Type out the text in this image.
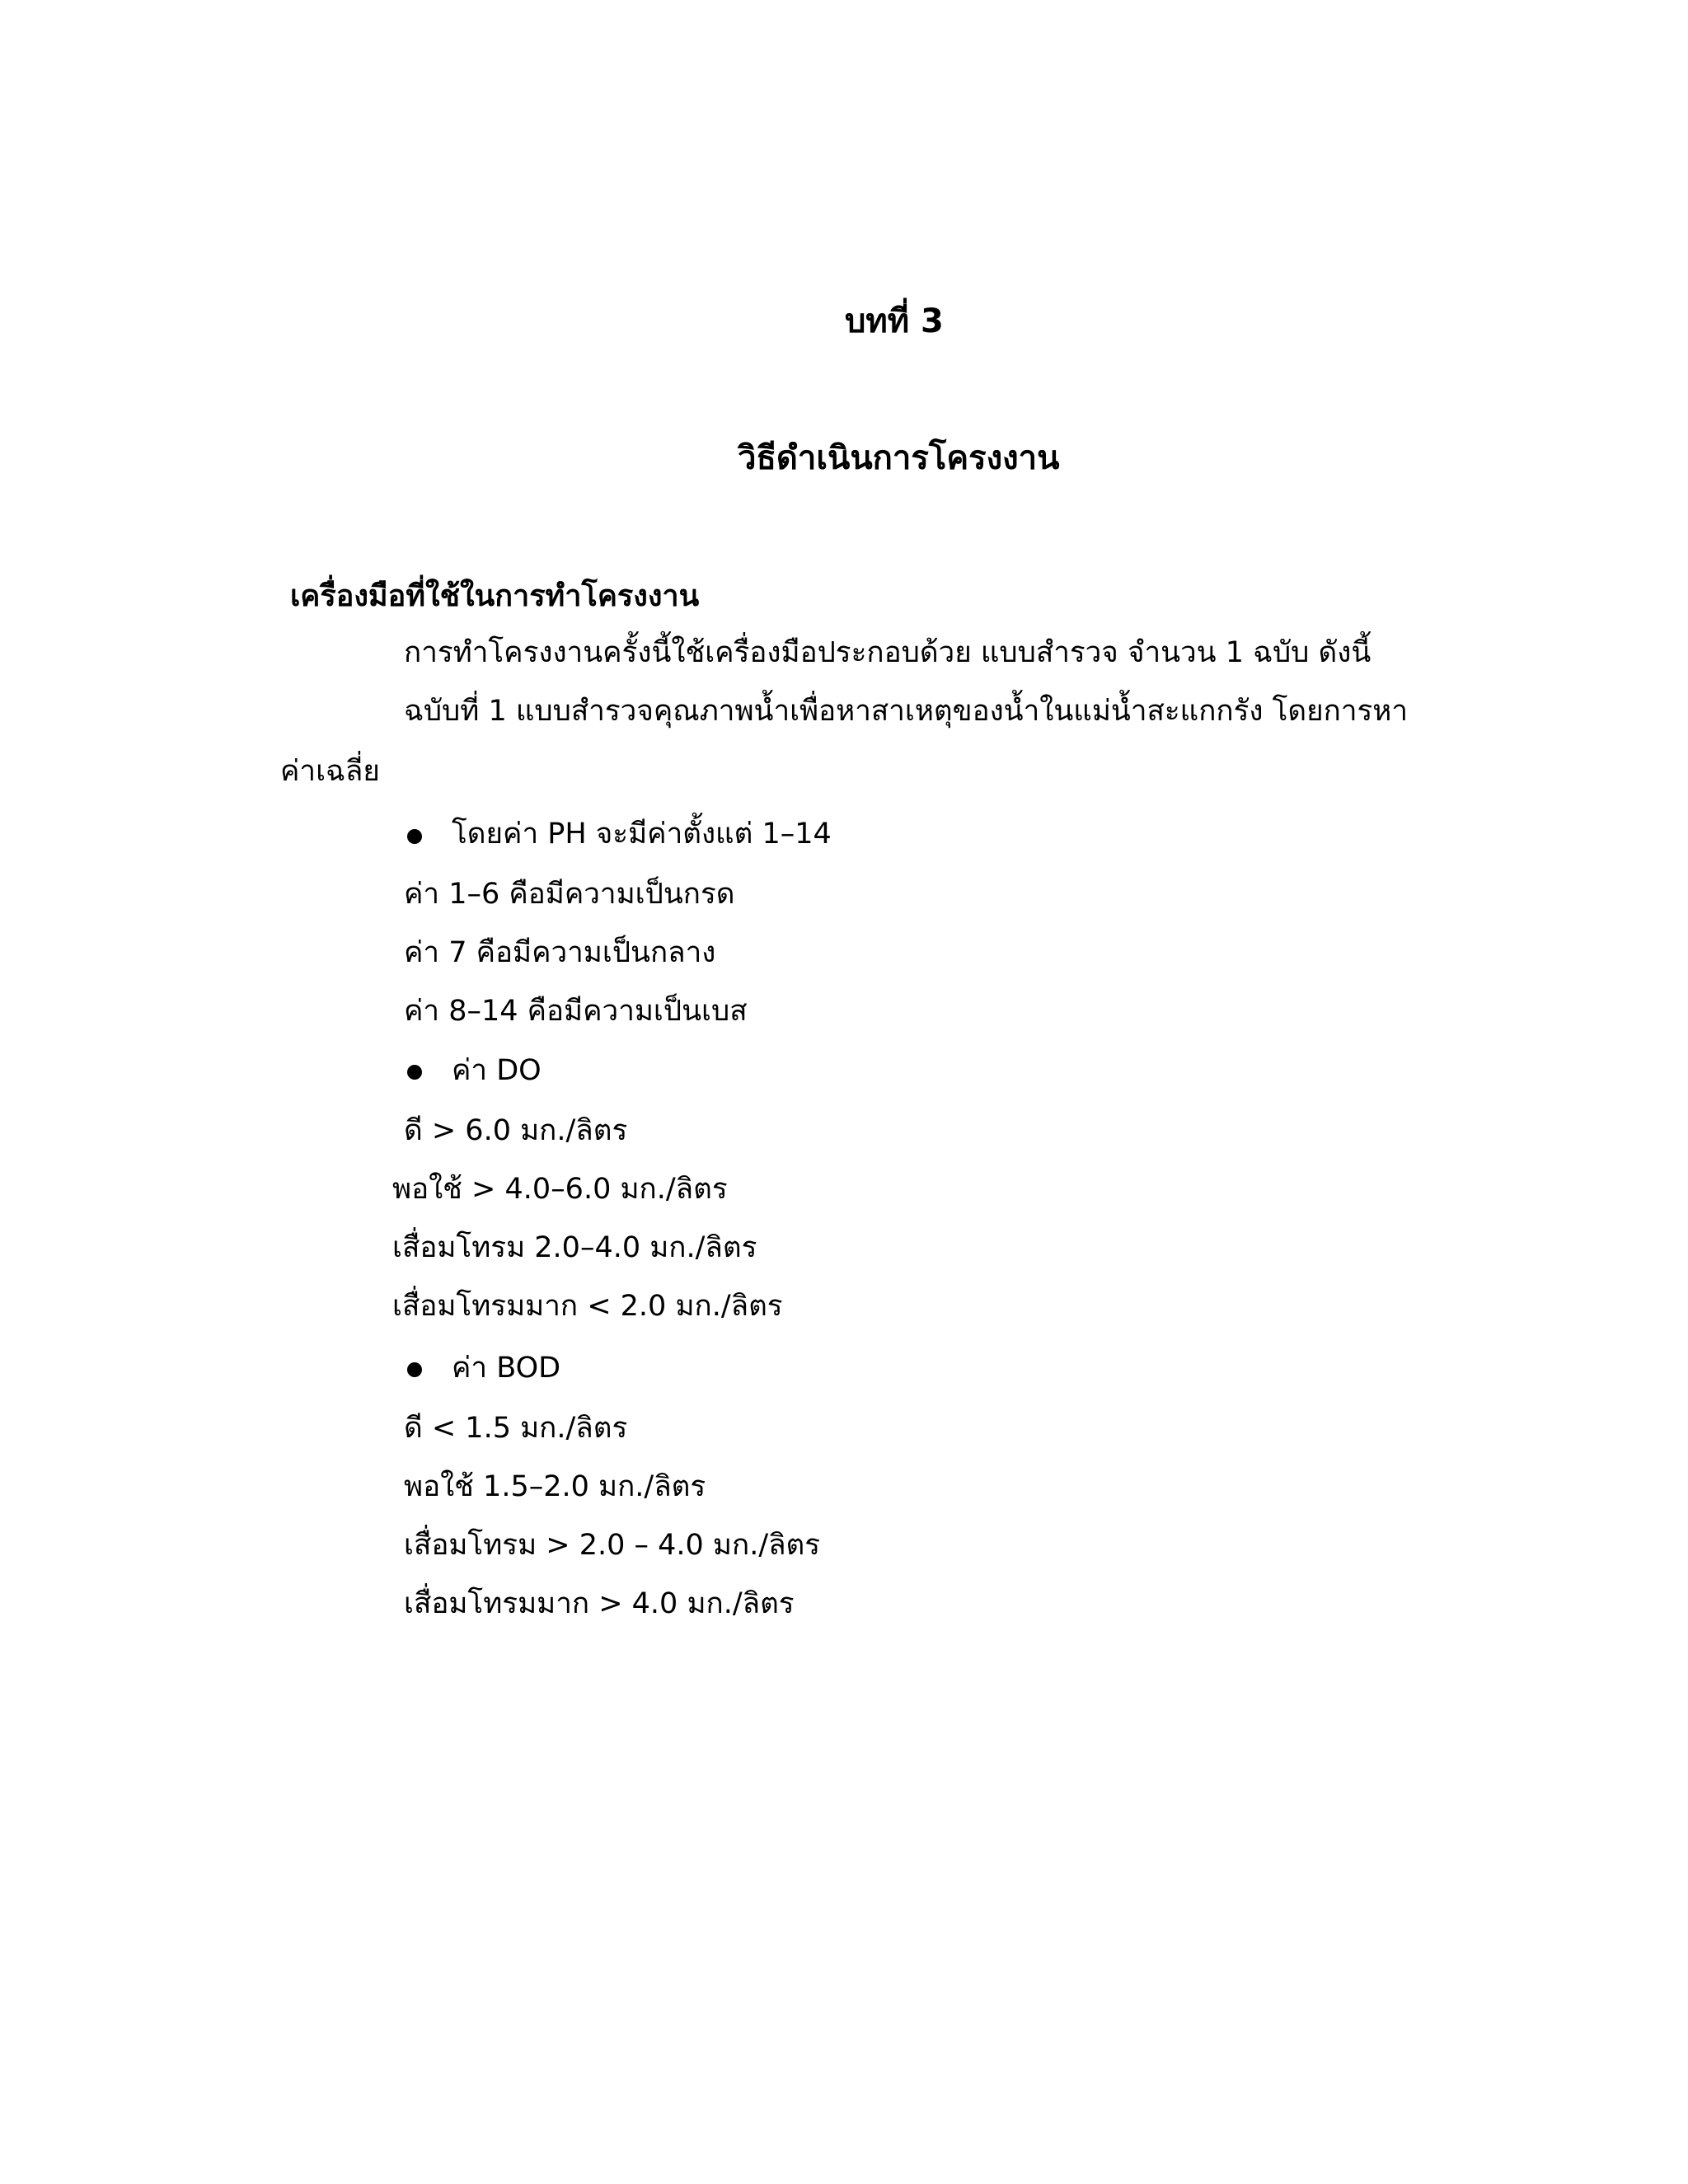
บทที่ 3
วิธีดำเนินการโครงงาน
เครื่องมือที่ใช้ในการทำโครงงาน
การทำโครงงานครั้งนี้ใช้เครื่องมือประกอบด้วย แบบสำรวจ จำนวน 1 ฉบับ ดังนี้
ฉบับที่ 1 แบบสำรวจคุณภาพน้ำเพื่อหาสาเหตุของน้ำในแม่น้ำสะแกกรัง โดยการหา
ค่าเฉลี่ย
โดยค่า PH จะมีค่าตั้งแต่ 1–14
ค่า 1–6 คือมีความเป็นกรด
ค่า 7 คือมีความเป็นกลาง
ค่า 8–14 คือมีความเป็นเบส
ค่า DO
ดี > 6.0 มก./ลิตร
พอใช้ > 4.0–6.0 มก./ลิตร
เสื่อมโทรม 2.0–4.0 มก./ลิตร
เสื่อมโทรมมาก < 2.0 มก./ลิตร
ค่า BOD
ดี < 1.5 มก./ลิตร
พอใช้ 1.5–2.0 มก./ลิตร
เสื่อมโทรม > 2.0 – 4.0 มก./ลิตร
เสื่อมโทรมมาก > 4.0 มก./ลิตร
